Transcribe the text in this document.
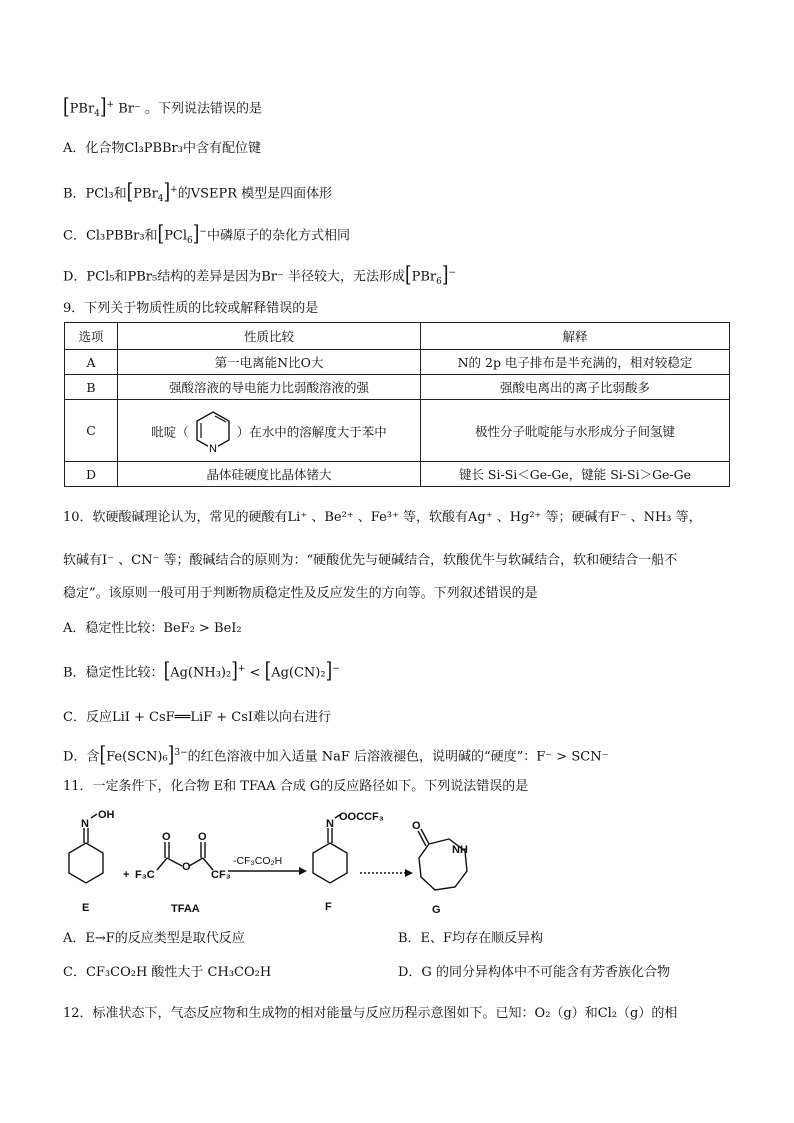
[PBr$_4$]+ Br⁻ 。下列说法错误的是
A．化合物Cl₃PBBr₃中含有配位键
B．PCl₃和[PBr$_4$]+的VSEPR 模型是四面体形
C．Cl₃PBBr₃和[PCl$_6$]−中磷原子的杂化方式相同
D．PCl₅和PBr₅结构的差异是因为Br⁻ 半径较大，无法形成[PBr$_6$]−
9．下列关于物质性质的比较或解释错误的是
选项	性质比较	解释
A	第一电离能N比O大	N的 2p 电子排布是半充满的，相对较稳定
B	强酸溶液的导电能力比弱酸溶液的强	强酸电离出的离子比弱酸多
C	吡啶（
N
）在水中的溶解度大于苯中	极性分子吡啶能与水形成分子间氢键
D	晶体硅硬度比晶体锗大	键长 Si-Si＜Ge-Ge，键能 Si-Si＞Ge-Ge
10．软硬酸碱理论认为，常见的硬酸有Li⁺ 、Be²⁺ 、Fe³⁺ 等，软酸有Ag⁺ 、Hg²⁺ 等；硬碱有F⁻ 、NH₃ 等，
软碱有I⁻ 、CN⁻ 等；酸碱结合的原则为：“硬酸优先与硬碱结合，软酸优牛与软碱结合，软和硬结合一船不
稳定”。该原则一般可用于判断物质稳定性及反应发生的方向等。下列叙述错误的是
A．稳定性比较：BeF₂ > BeI₂
B．稳定性比较：[Ag(NH₃)₂]+ < [Ag(CN)₂]−
C．反应LiI + CsF══LiF + CsI难以向右进行
D．含$[Fe(SCN)_6]^{3-}$的红色溶液中加入适量 NaF 后溶液褪色，说明碱的“硬度”：F⁻ > SCN⁻
11．一定条件下，化合物 E和 TFAA 合成 G的反应路径如下。下列说法错误的是
N
OH
E
+ F₃C
O O
O
CF₃
TFAA
N
OOCCF₃
F
O
NH
G
-CF₃CO₂H
A．E→F的反应类型是取代反应	B．E、F均存在顺反异构
C．CF₃CO₂H 酸性大于 CH₃CO₂H	D．G 的同分异构体中不可能含有芳香族化合物
12．标准状态下，气态反应物和生成物的相对能量与反应历程示意图如下。已知：O₂（g）和Cl₂（g）的相
